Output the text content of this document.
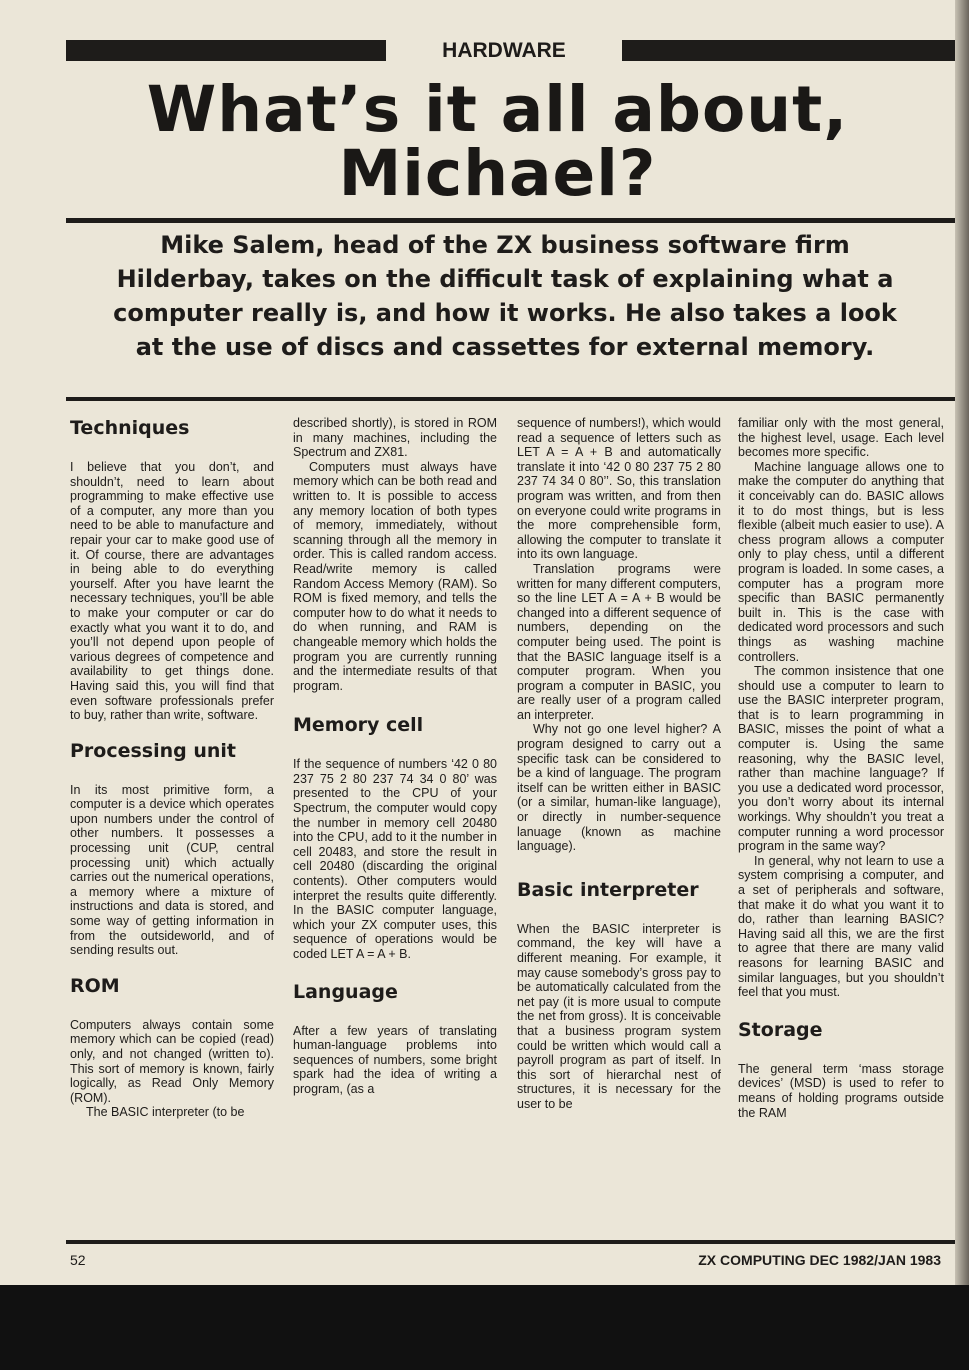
HARDWARE
What’s it all about,
Michael?
Mike Salem, head of the ZX business software firm Hilderbay, takes on the difficult task of explaining what a computer really is, and how it works. He also takes a look at the use of discs and cassettes for external memory.
Techniques

I believe that you don’t, and shouldn’t, need to learn about programming to make effective use of a computer, any more than you need to be able to manufacture and repair your car to make good use of it. Of course, there are advantages in being able to do everything yourself. After you have learnt the necessary techniques, you’ll be able to make your computer or car do exactly what you want it to do, and you’ll not depend upon people of various degrees of competence and availability to get things done. Having said this, you will find that even software professionals prefer to buy, rather than write, software.

Processing unit

In its most primitive form, a computer is a device which operates upon numbers under the control of other numbers. It possesses a processing unit (CUP, central processing unit) which actually carries out the numerical operations, a memory where a mixture of instructions and data is stored, and some way of getting information in from the outsideworld, and of sending results out.

ROM

Computers always contain some memory which can be copied (read) only, and not changed (written to). This sort of memory is known, fairly logically, as Read Only Memory (ROM).

The BASIC interpreter (to be

described shortly), is stored in ROM in many machines, including the Spectrum and ZX81.

Computers must always have memory which can be both read and written to. It is possible to access any memory location of both types of memory, immediately, without scanning through all the memory in order. This is called random access. Read/write memory is called Random Access Memory (RAM). So ROM is fixed memory, and tells the computer how to do what it needs to do when running, and RAM is changeable memory which holds the program you are currently running and the intermediate results of that program.

Memory cell

If the sequence of numbers ‘42 0 80 237 75 2 80 237 74 34 0 80’ was presented to the CPU of your Spectrum, the computer would copy the number in memory cell 20480 into the CPU, add to it the number in cell 20483, and store the result in cell 20480 (discarding the original contents). Other computers would interpret the results quite differently. In the BASIC computer language, which your ZX computer uses, this sequence of operations would be coded LET A = A + B.

Language

After a few years of translating human-language problems into sequences of numbers, some bright spark had the idea of writing a program, (as a

sequence of numbers!), which would read a sequence of letters such as LET A = A + B and automatically translate it into ‘42 0 80 237 75 2 80 237 74 34 0 80’’. So, this translation program was written, and from then on everyone could write programs in the more comprehensible form, allowing the computer to translate it into its own language.

Translation programs were written for many different computers, so the line LET A = A + B would be changed into a different sequence of numbers, depending on the computer being used. The point is that the BASIC language itself is a computer program. When you program a computer in BASIC, you are really user of a program called an interpreter.

Why not go one level higher? A program designed to carry out a specific task can be considered to be a kind of language. The program itself can be written either in BASIC (or a similar, human-like language), or directly in number-sequence lanuage (known as machine language).

Basic interpreter

When the BASIC interpreter is command, the key will have a different meaning. For example, it may cause somebody’s gross pay to be automatically calculated from the net pay (it is more usual to compute the net from gross). It is conceivable that a business program system could be written which would call a payroll program as part of itself. In this sort of hierarchal nest of structures, it is necessary for the user to be

familiar only with the most general, the highest level, usage. Each level becomes more specific.

Machine language allows one to make the computer do anything that it conceivably can do. BASIC allows it to do most things, but is less flexible (albeit much easier to use). A chess program allows a computer only to play chess, until a different program is loaded. In some cases, a computer has a program more specific than BASIC permanently built in. This is the case with dedicated word processors and such things as washing machine controllers.

The common insistence that one should use a computer to learn to use the BASIC interpreter program, that is to learn programming in BASIC, misses the point of what a computer is. Using the same reasoning, why the BASIC level, rather than machine language? If you use a dedicated word processor, you don’t worry about its internal workings. Why shouldn’t you treat a computer running a word processor program in the same way?

In general, why not learn to use a system comprising a computer, and a set of peripherals and software, that make it do what you want it to do, rather than learning BASIC? Having said all this, we are the first to agree that there are many valid reasons for learning BASIC and similar languages, but you shouldn’t feel that you must.

Storage

The general term ‘mass storage devices’ (MSD) is used to refer to means of holding programs outside the RAM

52	ZX COMPUTING DEC 1982/JAN 1983
